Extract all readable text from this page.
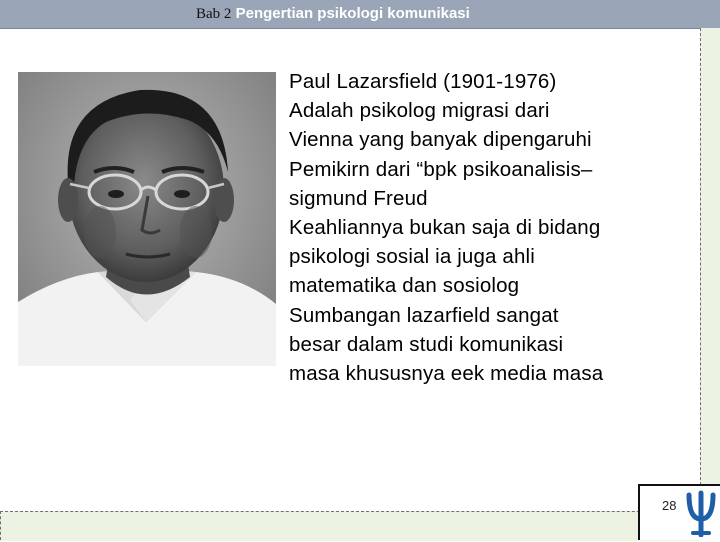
Bab 2 Pengertian psikologi komunikasi
Paul Lazarsfield (1901-1976)
Adalah psikolog migrasi dari
Vienna yang banyak dipengaruhi
Pemikirn dari “bpk psikoanalisis–
sigmund Freud
Keahliannya bukan saja di bidang
psikologi sosial ia juga ahli
matematika dan sosiolog
Sumbangan lazarfield sangat
besar dalam studi komunikasi
masa khususnya eek media masa
28
